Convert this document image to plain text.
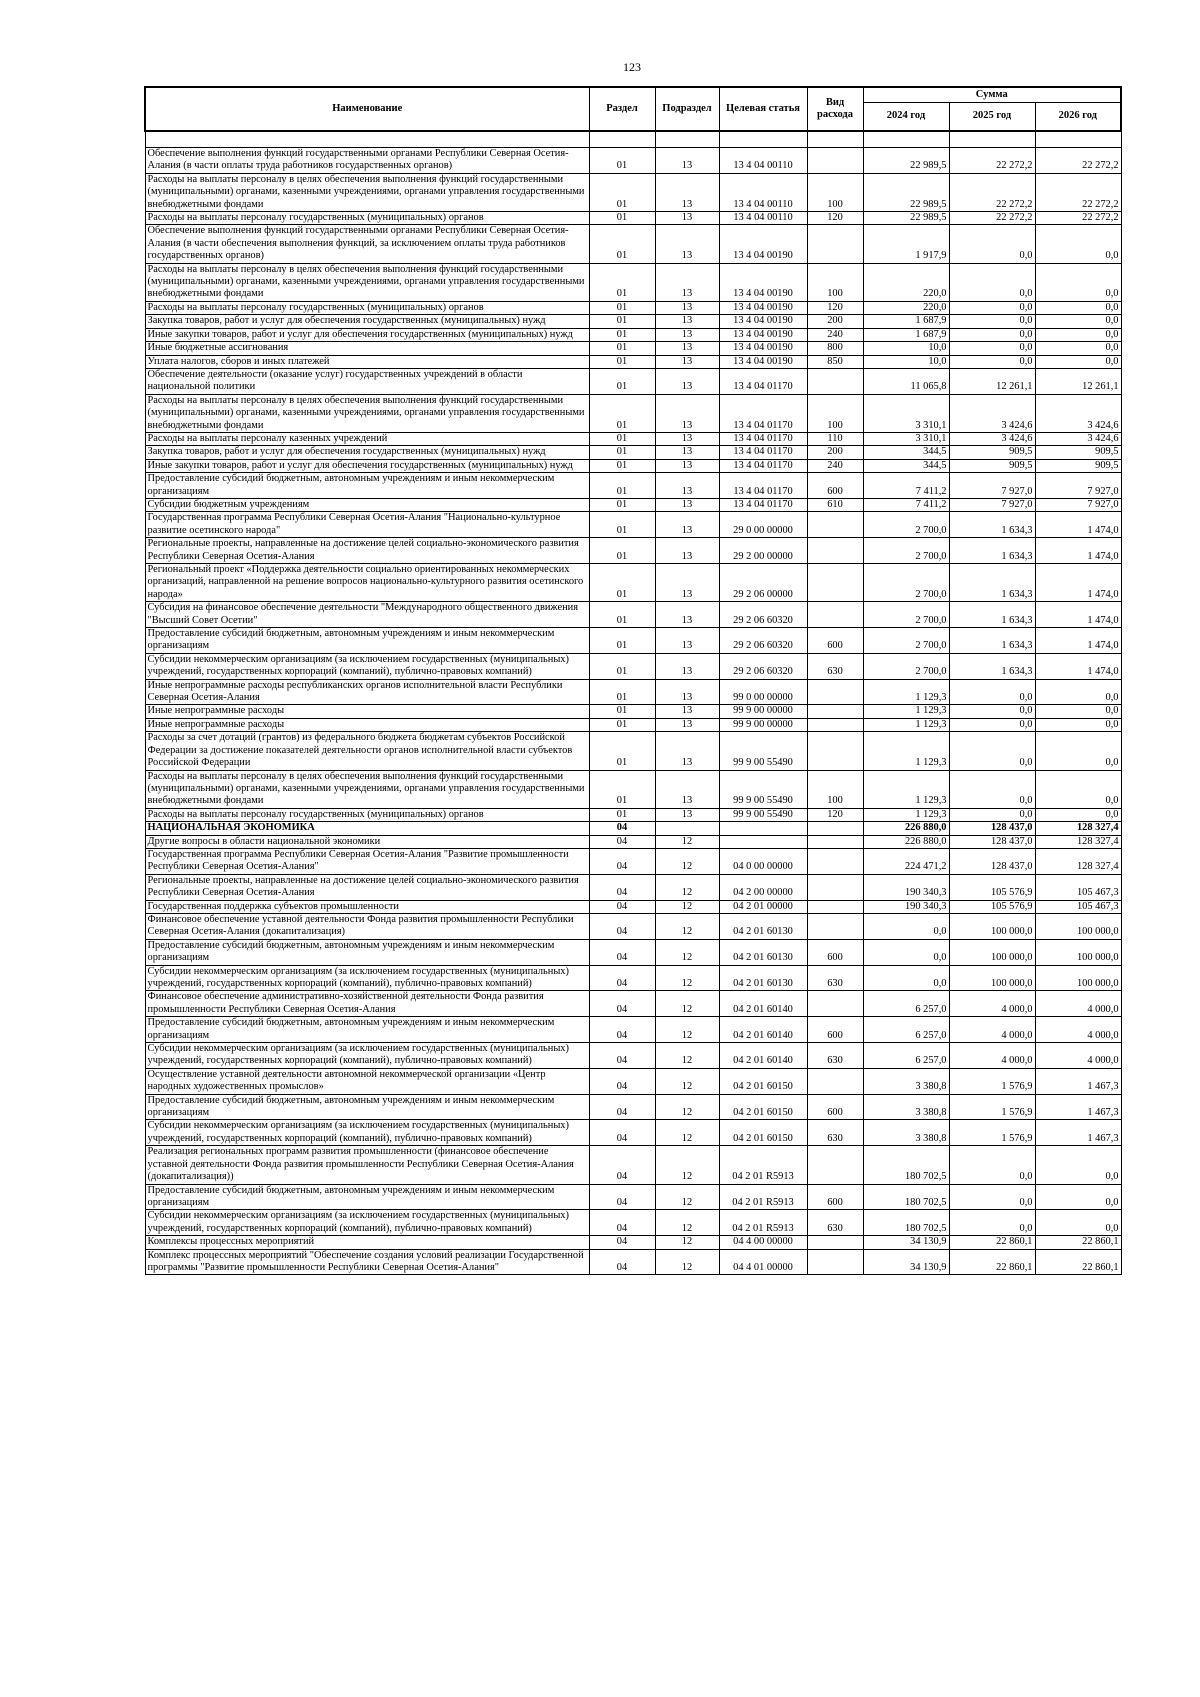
123
Наименование	Раздел	Подраздел	Целевая статья	Вид расхода	Сумма		
					2024 год	2025 год	2026 год

Обеспечение выполнения функций государственными органами Республики Северная Осетия-Алания (в части оплаты труда работников государственных органов)	01	13	13 4 04 00110		22 989,5	22 272,2	22 272,2
Расходы на выплаты персоналу в целях обеспечения выполнения функций государственными (муниципальными) органами, казенными учреждениями, органами управления государственными внебюджетными фондами	01	13	13 4 04 00110	100	22 989,5	22 272,2	22 272,2
Расходы на выплаты персоналу государственных (муниципальных) органов	01	13	13 4 04 00110	120	22 989,5	22 272,2	22 272,2
Обеспечение выполнения функций государственными органами Республики Северная Осетия-Алания (в части обеспечения выполнения функций, за исключением оплаты труда работников государственных органов)	01	13	13 4 04 00190		1 917,9	0,0	0,0
Расходы на выплаты персоналу в целях обеспечения выполнения функций государственными (муниципальными) органами, казенными учреждениями, органами управления государственными внебюджетными фондами	01	13	13 4 04 00190	100	220,0	0,0	0,0
Расходы на выплаты персоналу государственных (муниципальных) органов	01	13	13 4 04 00190	120	220,0	0,0	0,0
Закупка товаров, работ и услуг для обеспечения государственных (муниципальных) нужд	01	13	13 4 04 00190	200	1 687,9	0,0	0,0
Иные закупки товаров, работ и услуг для обеспечения государственных (муниципальных) нужд	01	13	13 4 04 00190	240	1 687,9	0,0	0,0
Иные бюджетные ассигнования	01	13	13 4 04 00190	800	10,0	0,0	0,0
Уплата налогов, сборов и иных платежей	01	13	13 4 04 00190	850	10,0	0,0	0,0
Обеспечение деятельности (оказание услуг) государственных учреждений в области национальной политики	01	13	13 4 04 01170		11 065,8	12 261,1	12 261,1
Расходы на выплаты персоналу в целях обеспечения выполнения функций государственными (муниципальными) органами, казенными учреждениями, органами управления государственными внебюджетными фондами	01	13	13 4 04 01170	100	3 310,1	3 424,6	3 424,6
Расходы на выплаты персоналу казенных учреждений	01	13	13 4 04 01170	110	3 310,1	3 424,6	3 424,6
Закупка товаров, работ и услуг для обеспечения государственных (муниципальных) нужд	01	13	13 4 04 01170	200	344,5	909,5	909,5
Иные закупки товаров, работ и услуг для обеспечения государственных (муниципальных) нужд	01	13	13 4 04 01170	240	344,5	909,5	909,5
Предоставление субсидий бюджетным, автономным учреждениям и иным некоммерческим организациям	01	13	13 4 04 01170	600	7 411,2	7 927,0	7 927,0
Субсидии бюджетным учреждениям	01	13	13 4 04 01170	610	7 411,2	7 927,0	7 927,0
Государственная программа Республики Северная Осетия-Алания "Национально-культурное развитие осетинского народа"	01	13	29 0 00 00000		2 700,0	1 634,3	1 474,0
Региональные проекты, направленные на достижение целей социально-экономического развития Республики Северная Осетия-Алания	01	13	29 2 00 00000		2 700,0	1 634,3	1 474,0
Региональный проект «Поддержка деятельности социально ориентированных некоммерческих организаций, направленной на решение вопросов национально-культурного развития осетинского народа»	01	13	29 2 06 00000		2 700,0	1 634,3	1 474,0
Субсидия на финансовое обеспечение деятельности "Международного общественного движения "Высший Совет Осетии"	01	13	29 2 06 60320		2 700,0	1 634,3	1 474,0
Предоставление субсидий бюджетным, автономным учреждениям и иным некоммерческим организациям	01	13	29 2 06 60320	600	2 700,0	1 634,3	1 474,0
Субсидии некоммерческим организациям (за исключением государственных (муниципальных) учреждений, государственных корпораций (компаний), публично-правовых компаний)	01	13	29 2 06 60320	630	2 700,0	1 634,3	1 474,0
Иные непрограммные расходы республиканских органов исполнительной власти Республики Северная Осетия-Алания	01	13	99 0 00 00000		1 129,3	0,0	0,0
Иные непрограммные расходы	01	13	99 9 00 00000		1 129,3	0,0	0,0
Иные непрограммные расходы	01	13	99 9 00 00000		1 129,3	0,0	0,0
Расходы за счет дотаций (грантов) из федерального бюджета бюджетам субъектов Российской Федерации за достижение показателей деятельности органов исполнительной власти субъектов Российской Федерации	01	13	99 9 00 55490		1 129,3	0,0	0,0
Расходы на выплаты персоналу в целях обеспечения выполнения функций государственными (муниципальными) органами, казенными учреждениями, органами управления государственными внебюджетными фондами	01	13	99 9 00 55490	100	1 129,3	0,0	0,0
Расходы на выплаты персоналу государственных (муниципальных) органов	01	13	99 9 00 55490	120	1 129,3	0,0	0,0
НАЦИОНАЛЬНАЯ ЭКОНОМИКА	04				226 880,0	128 437,0	128 327,4
Другие вопросы в области национальной экономики	04	12			226 880,0	128 437,0	128 327,4
Государственная программа Республики Северная Осетия-Алания "Развитие промышленности Республики Северная Осетия-Алания"	04	12	04 0 00 00000		224 471,2	128 437,0	128 327,4
Региональные проекты, направленные на достижение целей социально-экономического развития Республики Северная Осетия-Алания	04	12	04 2 00 00000		190 340,3	105 576,9	105 467,3
Государственная поддержка субъектов промышленности	04	12	04 2 01 00000		190 340,3	105 576,9	105 467,3
Финансовое обеспечение уставной деятельности Фонда развития промышленности Республики Северная Осетия-Алания (докапитализация)	04	12	04 2 01 60130		0,0	100 000,0	100 000,0
Предоставление субсидий бюджетным, автономным учреждениям и иным некоммерческим организациям	04	12	04 2 01 60130	600	0,0	100 000,0	100 000,0
Субсидии некоммерческим организациям (за исключением государственных (муниципальных) учреждений, государственных корпораций (компаний), публично-правовых компаний)	04	12	04 2 01 60130	630	0,0	100 000,0	100 000,0
Финансовое обеспечение административно-хозяйственной деятельности Фонда развития промышленности Республики Северная Осетия-Алания	04	12	04 2 01 60140		6 257,0	4 000,0	4 000,0
Предоставление субсидий бюджетным, автономным учреждениям и иным некоммерческим организациям	04	12	04 2 01 60140	600	6 257,0	4 000,0	4 000,0
Субсидии некоммерческим организациям (за исключением государственных (муниципальных) учреждений, государственных корпораций (компаний), публично-правовых компаний)	04	12	04 2 01 60140	630	6 257,0	4 000,0	4 000,0
Осуществление уставной деятельности автономной некоммерческой организации «Центр народных художественных промыслов»	04	12	04 2 01 60150		3 380,8	1 576,9	1 467,3
Предоставление субсидий бюджетным, автономным учреждениям и иным некоммерческим организациям	04	12	04 2 01 60150	600	3 380,8	1 576,9	1 467,3
Субсидии некоммерческим организациям (за исключением государственных (муниципальных) учреждений, государственных корпораций (компаний), публично-правовых компаний)	04	12	04 2 01 60150	630	3 380,8	1 576,9	1 467,3
Реализация региональных программ развития промышленности (финансовое обеспечение уставной деятельности Фонда развития промышленности Республики Северная Осетия-Алания (докапитализация))	04	12	04 2 01 R5913		180 702,5	0,0	0,0
Предоставление субсидий бюджетным, автономным учреждениям и иным некоммерческим организациям	04	12	04 2 01 R5913	600	180 702,5	0,0	0,0
Субсидии некоммерческим организациям (за исключением государственных (муниципальных) учреждений, государственных корпораций (компаний), публично-правовых компаний)	04	12	04 2 01 R5913	630	180 702,5	0,0	0,0
Комплексы процессных мероприятий	04	12	04 4 00 00000		34 130,9	22 860,1	22 860,1
Комплекс процессных мероприятий "Обеспечение создания условий реализации Государственной программы "Развитие промышленности Республики Северная Осетия-Алания"	04	12	04 4 01 00000		34 130,9	22 860,1	22 860,1
